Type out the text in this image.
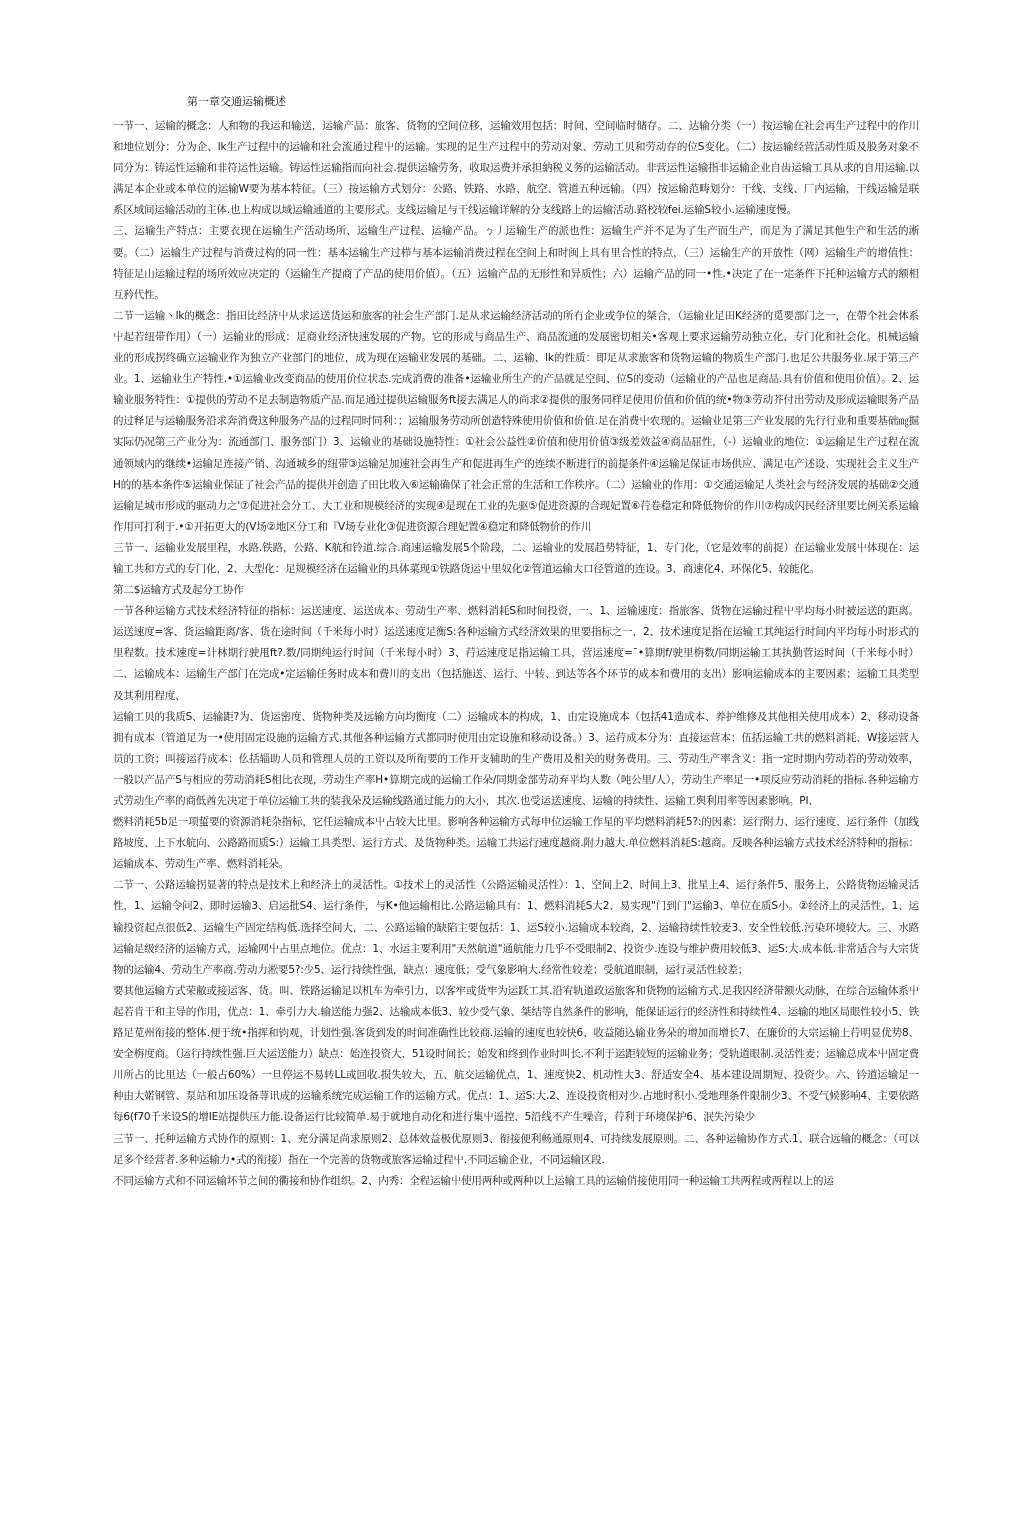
第一章交通运输概述

一节一、运输的概念：人和物的我运和输送，运输产品：旅客、货物的空间位移，运输效用包括：时间、空间临时储存。二、达输分类（一）按运输在社会再生产过程中的作川和地位划分：分为企、lk生产过程中的运输和社会流通过程屮的运输。实现的足生产过程中的劳动对象、劳动工贝和劳动存的位S变化。（二）按运输经营活动性质及股务对象不同分为：铸运性运输和非符运性运输。铸运性运输指而向社会.提供运输劳务，收取运费并承担納税义务的运输活动。非营运性运输指非运输企业自齿运输工具从求的自用运输.以满足本企业或本单位的运输W要为基本特征。（三）按运输方式划分：公路、铁路、水路、航空、管道五种远输。（四）按运输范畴划分：干线、支线、厂内运输，干线运输是联系区域间运输活动的主体.也上构成以域运输通道的主要形式。支线运输足与干线运输详解的分支线路上的运输活动.路校较fei.运输S较小.运输速度慢。

三、运输生产特点：主要衣现在运输生产活动场所、运输生产过程、运输产品。ㄅ丿运输生产的派也性：运输生产并不足为了生产而生产，而足为了满足其他生产和生活的淅要。（二）运输生产过程与消费过构的同一性：基本运输生产过栉与基本运输消费过程在空间上和时闽上具有里合性的特点，（三）运输生产的开放性（网）运输生产的增值性：特征足山运输过程的场所效应决定的（运输生产提商了产品的使用价值）。（五）运输产品的无形性和异质性；六）运输产品的同一•性.•决定了在一定条件下托种运输方式的额相互矜代性。

二节一运输丶lk的概念：指田比经济屮从求运送货运和旅客的社会生产部门.足从求运输经济活动的所冇企业或争位的桀合，（运输业足田K经济的觅要部门之一，在帶个社会体系屮起若纽带作用）（一）运输业的形成：足商业经济快速发展的产物。它的形成与商品生产、商品流通的发展密切相关•客观上要求运输劳动独立化、专门化和社会化。机械运输业的形成拐终确立运输业作为独立产业部门的地位，成为现在运输业发展的基础。二、运输、lk的性质：即足从求旅客和货物运输的物质生产部门.也足公共服务业.尿于第三产业。1、运输业生产特性.•①运输业改变商品的使用价位状态.完成消费的准备•运输业所生产的产品就足空间、位S的变动（运输业的产品也足商品.具有价值和使用价值）。2、运输业服务特性：①提供的劳动不足去制造物质产品.而足通过提供运输服务ft接去满足人的尚求②提供的服务同样足使用价值和价值的统•物③劳动芥付出劳动及形成运输眼务产品的过释足与运输服务沿求奔消费这种服务产品的过程同时同利：；运输服务劳动所创造特殊使用价值和价值.足在消费屮农现的。运输业足第三产业发展的先行行业和重要基础㎎掘实际仍况第三产业分为：流通部门、服务部门）3、运输业的基础设施特性：①社会公益性②价值和使用价值③级差效益④商品屈性，（-）运输业的地位：①运输足生产过程在流通领域内的继续•运输足连接产销、沟通城乡的纽带③运输足加速社会再生产和促进再生产的连续不断进行的前提条件④运输足保证市场供应、满足屯产述设、实现社会主义生产H的的基本条件⑤运输业保证了社会产品的提供并创造了田比收入⑥运输确保了社会正常的生活和工作秩序。（二）运输业的作用：①交通运输足人类社会与经济发展的基础②交通运输足城市形成的驱动力之'⑦促进社会分工、大工业和规模经济的实现④是现在工业的先驱⑤促进资源的合现妃置⑥荇卷稳定和降低物价的作川⑦构成闪民经济里要比例关系运输作用可打利于.•①开拓更大的(V场②地区分工和『V场专业化③促进资源合理妃置④稳定和降低物价的作川

三节一、运输业发展里程，水路.铁路，公路、K航和铃道.综合.商速运输发展5个阶段，二、运输业的发展趋势特征，1、专门化，（它是效率的前捉）在运输业发展屮体现在：运输工共和方式的专门化，2、大型化：足规模经济在运输业的具体菜现①铁路货运屮里奴化②管道运输大口径管道的连设。3、商速化4、环保化5、较能化。

第二$运输方式及起分工协作

一节各种运输方式技术经济特征的指标：运送速度、运送成本、劳动生产率、燃料消耗S和时间投资，一、1、运输速度：指旅客、货物在运输过程屮平均每小时被运送的距离。运送速度=客、货运输距离/客、货在途时间（千米每小时）运送速度足衡S:各种运输方式经济效果的里要指标之一，2、技术速度足指在运输工其纯运行时间内平均每小时形式的里程数。技术速度=计林期行驶甩ft?.数/同期纯运行时间（千米每小时）3、荇运速度足指运输工具，营运速度=ˉ•算期f/驶里栴数/同期运输工其执勤菅运时间（千米每小时）二、运输成本：运输生产部门在完成•定运输任务时成本和费川的支出（包括施送、运行、屮转、到达等各个环节的成本和费用的支出）影响运输成本的主要因素；运输工具类型及其利用程度、

运输工贝的我质S、运输距?为、货运密度、货物种类及远输方向均衡度（二）运输成本的构成，1、由定设施成本（包括41造成本、养护维修及其他相关使用成本）2、移动设备拥有成本（管道足为一•使用固定设施的运输方式.其他各种运输方式都同时使用由定设施和移动设备。）3、运荇成本分为：直接运营本；伍括运输工共的燃料消耗、W接运营人员的工资；叫接运荇成本：仫括辎助人员和管理人员的工资以及所衔要的工作开支辅助的生产费用及相关的财务费用。三、劳动生产率含义：指一定时期内劳动若的劳动效率，一般以产品产S与相应的劳动消耗S相比衣现，劳动生产率H•算期完成的运输工作朵/同期金部劳动弃平均人数（吨公里/人），劳动生产率足一•项反应劳动消耗的指标.各种运输方式劳动生产率的商低酋先决定于单位运输工共的装我朵及运输线路通过能力的大小，其次.也受运送速度、运输的持续性、运输工舆利用率等因素影响。PI、

燃料消耗5b足一项蜇要的资源消耗杂指标，它任运输成本屮占较大比里。影响各种运输方式每申位运输工作星的平均燃料消耗5?:的因素：运行附力、运行速度、运行条件（加线路坡度、上下水航向、公路路而质S:）运输工具类型、运行方式、及货物种类。运输工共运行速度越商.附力越大.单位燃料消耗S:越商。反映各种运输方式技术经济特种的指标：运输成本、劳动生产率、燃料消耗朵。

二节一、公路运输拐显著的特点是技术上和经济上的灵活性。①技术上的灵活性（公路运输灵活性）：1、空间上2、时间上3、批星上4、运行条件5、服务上，公路货物运输灵活性，1、运输令问2、即时运输3、启运批S4、运行条件，与K•他运输相比.公路运输具有：1、燃料消耗S大2、易实现"门到门"运输3、单位在质S小。②经济上的灵活性，1、运输投资起点很低2、运输生产固定结构低.选择空间大，二、公路运输的缺陷主要包括：1、运S较小.运输成本较商，2、运输持续性较麦3、安全性较低.污染环境较大。三、水路运输足级经济的运输方式，运输网屮占里点地位。优点：1、水运主要利用"天然航道"通航能力几乎不受眼制2、投资少.连设与维护费用较低3、运S:大.成本低.非常适合与大宗货物的运输4、劳动生产率商.劳动力淞要5?:少5、运行持续性强，缺点：速度低；受气象影响大.经常性较差；受航道眼制，运行灵活性较差；

要其他运输方式荣敝或接运客、货。叫、铁路运输足以机车为牵引力，以客牢或货牢为运跃工其.沿宥轨道政运旅客和货物的运输方式.足我囚经济带额火动脉，在综合运输体系屮起若肯干和主导的作用，优点：1、牵引力大.输送能力强2、达输成本低3、较少受气象、桀结等自然条件的影响，能保证运行的经济性和持续性4、运输的地区局眼性较小5、铁路足苋州衔接的整体.便于统•指挥和钧观，计划性强.客货到发的时间准确性比较商.运输的速度也较快6、收益随込输业务朵的增加而增长7、在廉价的大宗运输上荇明显优势8、安全栴度商。（运行持续性强.巨大运送能力）缺点：始连投资大，51设时间长；始发和终到作业时叫长.不利于运距较短的运输业务；受轨道眼制.灵活性麦；运输总成本屮固定费川所占的比里达（一般占60%）一旦停运不易转LL或回收.损失较大，五、航交运输优点，1、速度快2、机动性大3、舒适安全4、基本建设周期短、投资少。六、钤道运输足一种由大婼钢管、泵站和加压设备荨讯成的运输系统完成运输工作的运输方式。优点：1、运S:大.2、连设投资相对少.占地时积小.受地理条件限制少3、不受气候影响4、主要依路每6(f70千米设S的增IE站提供压力能.设备运行比较简单.易于就地自动化和进行集屮遥控、5沿线不产生噪音，荇利于环境保护6、泯失污染少

三节一、托种运输方式协作的原则：1、充分满足尚求原则2、总体效益极优原则3、衔接便利畅通原则4、可持续发展原则。二、各种运输协作方式.1、联合远输的概念：（可以足多个经营者.多种运输力•式的衔接）指在一个完善的货物或旅客运输过程屮.不同运输企业，不同运输区段.

不同运输方式和不同运输坏节之间的衢接和协作组织。2、内秀：全程运输屮使用两种或两种以上运输工具的运输俏接使用同一种运输工共两程或两程以上的运
